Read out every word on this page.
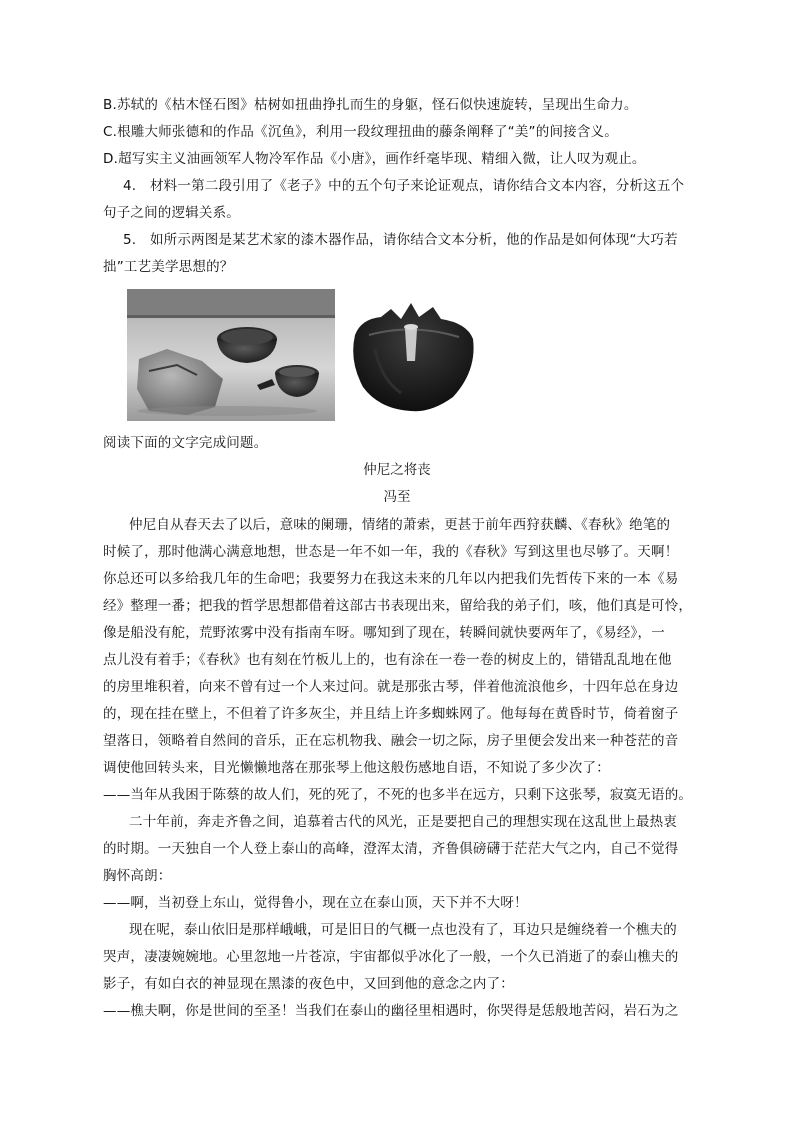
B.苏轼的《枯木怪石图》枯树如扭曲挣扎而生的身躯，怪石似快速旋转，呈现出生命力。
C.根雕大师张德和的作品《沉鱼》，利用一段纹理扭曲的藤条阐释了“美”的间接含义。
D.超写实主义油画领军人物冷军作品《小唐》，画作纤毫毕现、精细入微，让人叹为观止。
4.　材料一第二段引用了《老子》中的五个句子来论证观点，请你结合文本内容，分析这五个
句子之间的逻辑关系。
5.　如所示两图是某艺术家的漆木器作品，请你结合文本分析，他的作品是如何体现“大巧若
拙”工艺美学思想的？
阅读下面的文字完成问题。
仲尼之将丧
冯至
仲尼自从春天去了以后，意味的阑珊，情绪的萧索，更甚于前年西狩获麟、《春秋》绝笔的
时候了，那时他满心满意地想，世态是一年不如一年，我的《春秋》写到这里也尽够了。天啊！
你总还可以多给我几年的生命吧；我要努力在我这未来的几年以内把我们先哲传下来的一本《易
经》整理一番；把我的哲学思想都借着这部古书表现出来，留给我的弟子们，咳，他们真是可怜，
像是船没有舵，荒野浓雾中没有指南车呀。哪知到了现在，转瞬间就快要两年了，《易经》，一
点儿没有着手；《春秋》也有刻在竹板儿上的，也有涂在一卷一卷的树皮上的，错错乱乱地在他
的房里堆积着，向来不曾有过一个人来过问。就是那张古琴，伴着他流浪他乡，十四年总在身边
的，现在挂在壁上，不但着了许多灰尘，并且结上许多蜘蛛网了。他每每在黄昏时节，倚着窗子
望落日，领略着自然间的音乐，正在忘机物我、融会一切之际，房子里便会发出来一种苍茫的音
调使他回转头来，目光懒懒地落在那张琴上他这般伤感地自语，不知说了多少次了：
——当年从我困于陈蔡的故人们，死的死了，不死的也多半在远方，只剩下这张琴，寂寞无语的。
二十年前，奔走齐鲁之间，追慕着古代的风光，正是要把自己的理想实现在这乱世上最热衷
的时期。一天独自一个人登上泰山的高峰，澄浑太清，齐鲁俱磅礴于茫茫大气之内，自己不觉得
胸怀高朗：
——啊，当初登上东山，觉得鲁小，现在立在泰山顶，天下并不大呀！
现在呢，泰山依旧是那样峨峨，可是旧日的气概一点也没有了，耳边只是缠绕着一个樵夫的
哭声，凄凄婉婉地。心里忽地一片苍凉，宇宙都似乎冰化了一般，一个久已消逝了的泰山樵夫的
影子，有如白衣的神显现在黑漆的夜色中，又回到他的意念之内了：
——樵夫啊，你是世间的至圣！当我们在泰山的幽径里相遇时，你哭得是恁般地苦闷，岩石为之
